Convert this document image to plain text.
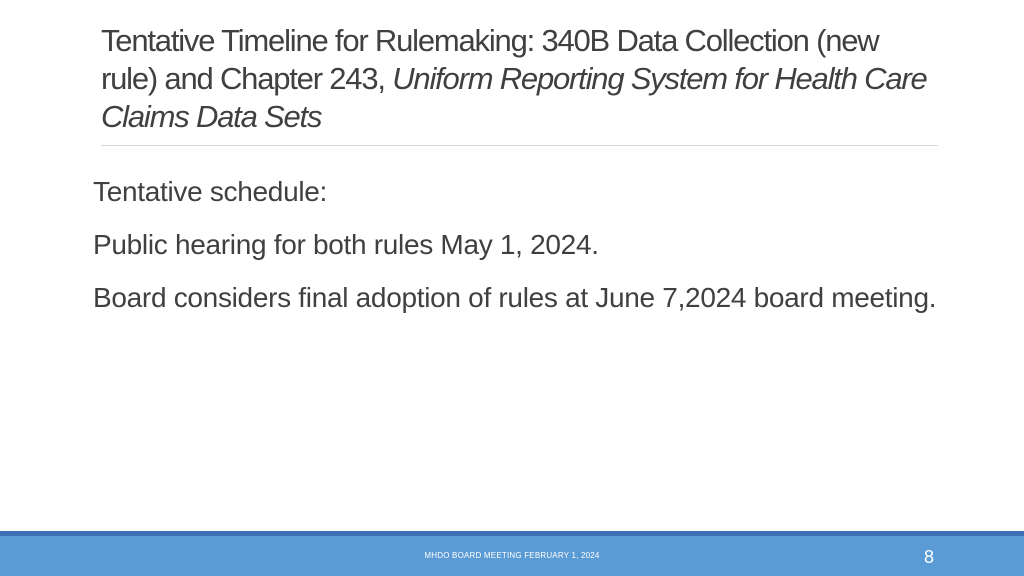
Tentative Timeline for Rulemaking: 340B Data Collection (new rule) and Chapter 243, Uniform Reporting System for Health Care Claims Data Sets

Tentative schedule:

Public hearing for both rules May 1, 2024.

Board considers final adoption of rules at June 7,2024 board meeting.

MHDO BOARD MEETING FEBRUARY 1, 2024	8
